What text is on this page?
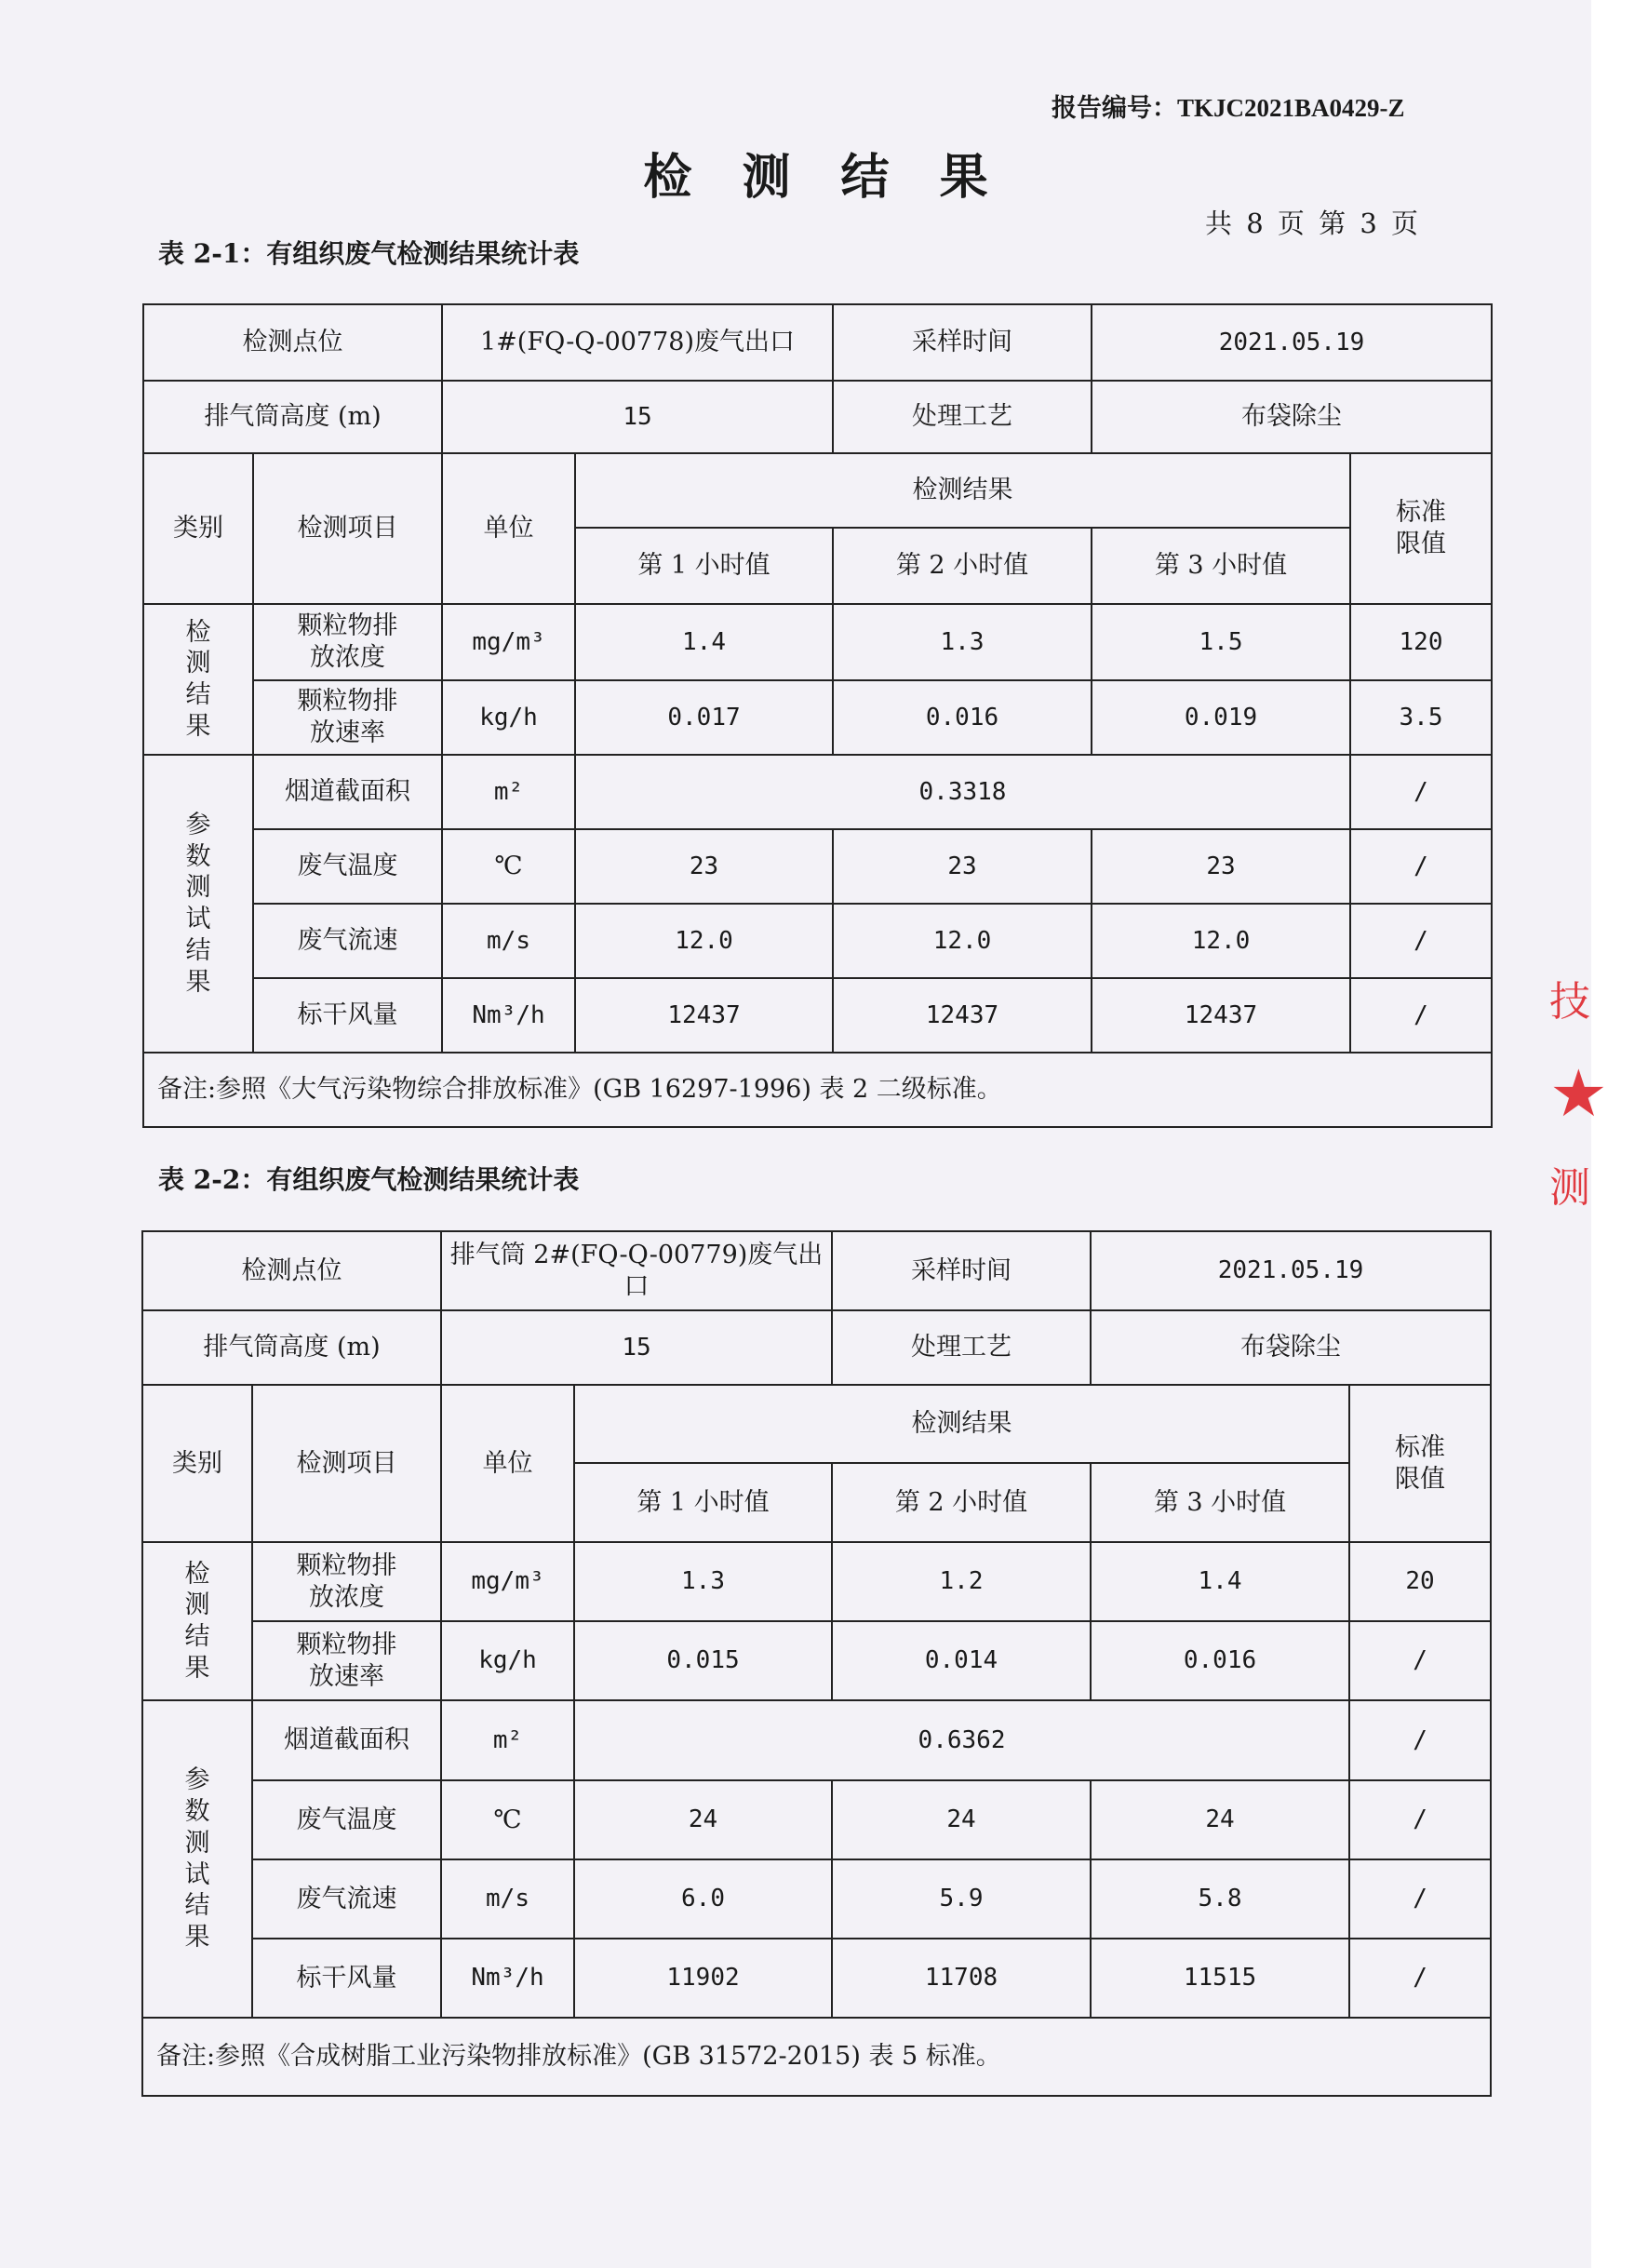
报告编号：TKJC2021BA0429-Z
检 测 结 果
共 8 页 第 3 页
表 2-1：有组织废气检测结果统计表
检测点位		1#(FQ-Q-00778)废气出口		采样时间	2021.05.19	
排气筒高度 (m)		15		处理工艺	布袋除尘	
类别	检测项目	单位	检测结果			标准限值
			第 1 小时值	第 2 小时值	第 3 小时值	
检测结果	颗粒物排放浓度	mg/m³	1.4	1.3	1.5	120
	颗粒物排放速率	kg/h	0.017	0.016	0.019	3.5
参数测试结果	烟道截面积	m²	0.3318			/
	废气温度	℃	23	23	23	/
	废气流速	m/s	12.0	12.0	12.0	/
	标干风量	Nm³/h	12437	12437	12437	/
备注:参照《大气污染物综合排放标准》(GB 16297-1996) 表 2 二级标准。						
表 2-2：有组织废气检测结果统计表
检测点位		排气筒 2#(FQ-Q-00779)废气出口		采样时间	2021.05.19	
排气筒高度 (m)		15		处理工艺	布袋除尘	
类别	检测项目	单位	检测结果			标准限值
			第 1 小时值	第 2 小时值	第 3 小时值	
检测结果	颗粒物排放浓度	mg/m³	1.3	1.2	1.4	20
	颗粒物排放速率	kg/h	0.015	0.014	0.016	/
参数测试结果	烟道截面积	m²	0.6362			/
	废气温度	℃	24	24	24	/
	废气流速	m/s	6.0	5.9	5.8	/
	标干风量	Nm³/h	11902	11708	11515	/
备注:参照《合成树脂工业污染物排放标准》(GB 31572-2015) 表 5 标准。						
技
★
测
